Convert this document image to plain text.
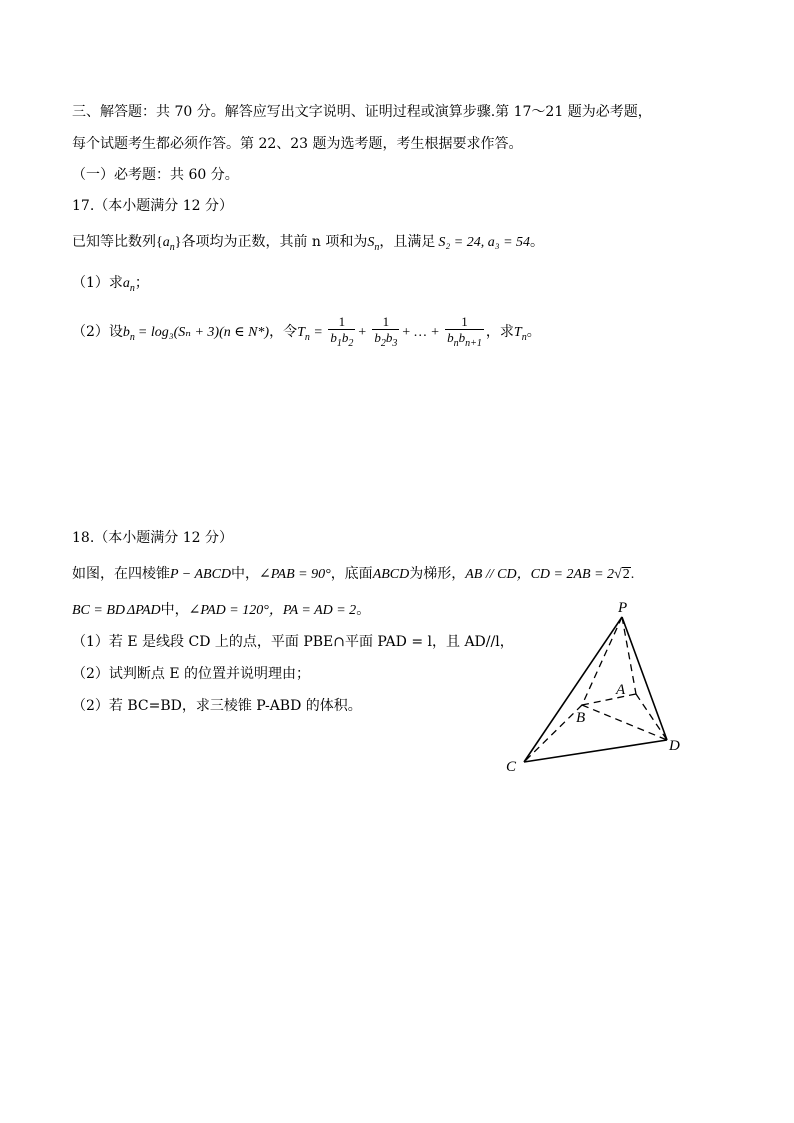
三、解答题：共 70 分。解答应写出文字说明、证明过程或演算步骤.第 17～21 题为必考题，
每个试题考生都必须作答。第 22、23 题为选考题，考生根据要求作答。
（一）必考题：共 60 分。
17.（本小题满分 12 分）
已知等比数列$\{a_n\}$各项均为正数，其前 n 项和为$S_n$，且满足 S₂ = 24, a₃ = 54。
（1）求$a_n$；
（2）设$b_n = \log_3(S_n + 3)(n$ ∈ N*)，令$T_n = \frac{1}{b_1b_2} + \frac{1}{b_2b_3}$ + … + $\frac{1}{b_nb_{n+1}}$ ，求$T_n$。
18.（本小题满分 12 分）
如图，在四棱锥P − ABCD中，∠PAB = 90°，底面ABCD为梯形，AB // CD，CD = 2AB = 2√2.
BC = BD ΔPAD中，∠PAD = 120°，PA = AD = 2。
（1）若 E 是线段 CD 上的点，平面 PBE∩平面 PAD = l，且 AD//l，
（2）试判断点 E 的位置并说明理由；
（2）若 BC=BD，求三棱锥 P-ABD 的体积。
P
A
B
C
D
